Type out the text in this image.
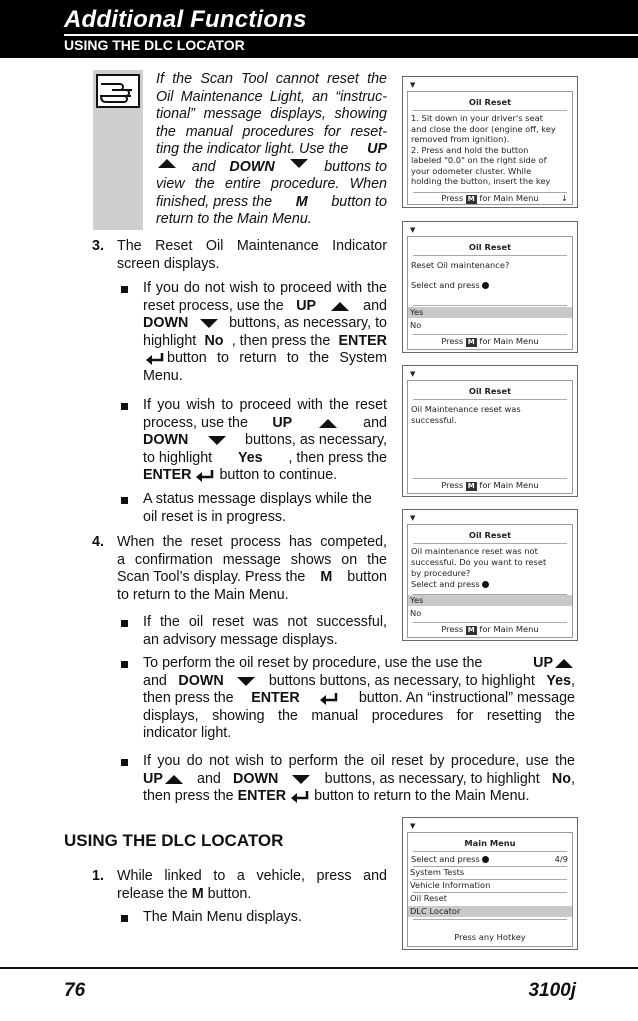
Additional Functions
USING THE DLC LOCATOR
If the Scan Tool cannot reset the
Oil Maintenance Light, an “instruc-
tional” message displays, showing
the manual procedures for reset-
ting the indicator light. Use the UP
and DOWN	buttons to
view the entire procedure. When
finished, press the M button to
return to the Main Menu.
3. The Reset Oil Maintenance Indicator
screen displays.
If you do not wish to proceed with the
reset process, use the UP	and
DOWN	buttons, as necessary, to
highlight No , then press the ENTER
button to return to the System
Menu.
If you wish to proceed with the reset
process, use the UP	and
DOWN	buttons, as necessary,
to highlight Yes , then press the
ENTER button to continue.
A status message displays while the
oil reset is in progress.
4. When the reset process has competed,
a confirmation message shows on the
Scan Tool’s display. Press the M button
to return to the Main Menu.
If the oil reset was not successful,
an advisory message displays.
To perform the oil reset by procedure, use the use the	UP
and DOWN	buttons buttons, as necessary, to highlight Yes,
then press the ENTER	button. An “instructional” message
displays, showing the manual procedures for resetting the
indicator light.
If you do not wish to perform the oil reset by procedure, use the
UP and DOWN	buttons, as necessary, to highlight No,
then press the
ENTER button to return to the Main Menu.
USING THE DLC LOCATOR
1. While linked to a vehicle, press and
release the M button.
The Main Menu displays.
▼
Oil Reset
1. Sit down in your driver's seat
and close the door (engine off, key
removed from ignition).
2. Press and hold the button
labeled "0.0" on the right side of
your odometer cluster. While
holding the button, insert the key
Press M for Main Menu	↓
▼
Oil Reset
Reset Oil maintenance?
Select and press
Yes
No
Press M for Main Menu
▼
Oil Reset
Oil Maintenance reset was
successful.
Press M for Main Menu
▼
Oil Reset
Oil maintenance reset was not
successful. Do you want to reset
by procedure?
Select and press
Yes
No
Press M for Main Menu
▼
Main Menu
Select and press	4/9
System Tests
Vehicle Information
Oil Reset
DLC Locator
Press any Hotkey
76	3100j
